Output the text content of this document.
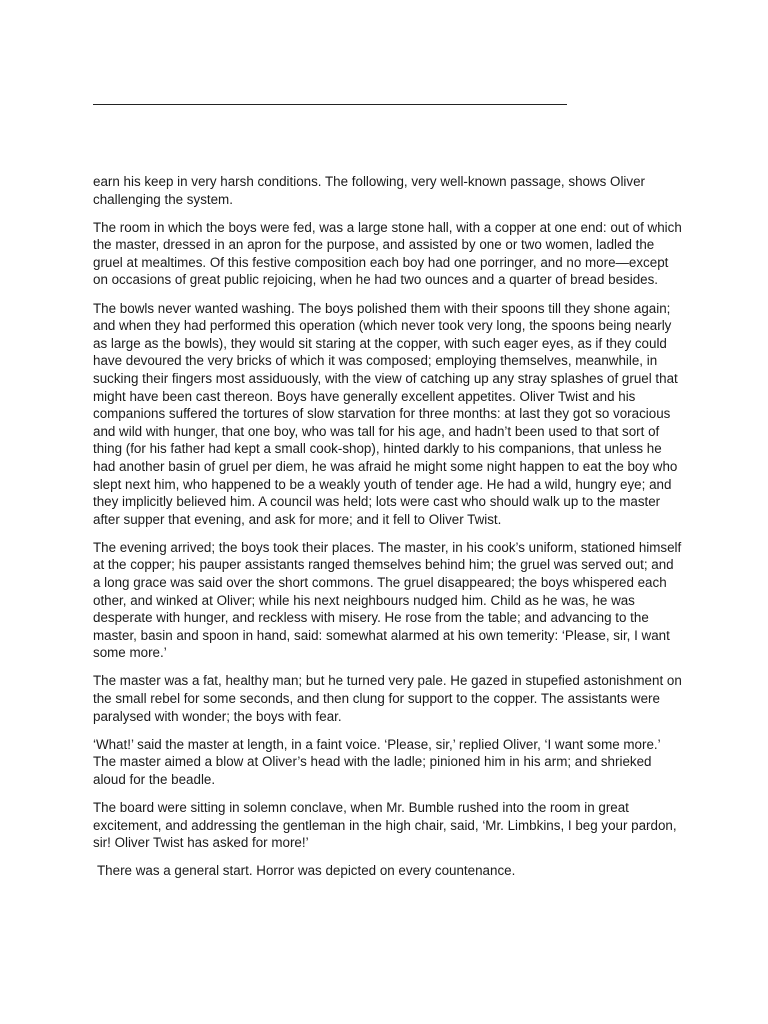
earn his keep in very harsh conditions. The following, very well-known passage, shows Oliver challenging the system.

The room in which the boys were fed, was a large stone hall, with a copper at one end: out of which the master, dressed in an apron for the purpose, and assisted by one or two women, ladled the gruel at mealtimes. Of this festive composition each boy had one porringer, and no more—except on occasions of great public rejoicing, when he had two ounces and a quarter of bread besides.

The bowls never wanted washing. The boys polished them with their spoons till they shone again; and when they had performed this operation (which never took very long, the spoons being nearly as large as the bowls), they would sit staring at the copper, with such eager eyes, as if they could have devoured the very bricks of which it was composed; employing themselves, meanwhile, in sucking their fingers most assiduously, with the view of catching up any stray splashes of gruel that might have been cast thereon. Boys have generally excellent appetites. Oliver Twist and his companions suffered the tortures of slow starvation for three months: at last they got so voracious and wild with hunger, that one boy, who was tall for his age, and hadn’t been used to that sort of thing (for his father had kept a small cook-shop), hinted darkly to his companions, that unless he had another basin of gruel per diem, he was afraid he might some night happen to eat the boy who slept next him, who happened to be a weakly youth of tender age. He had a wild, hungry eye; and they implicitly believed him. A council was held; lots were cast who should walk up to the master after supper that evening, and ask for more; and it fell to Oliver Twist.

The evening arrived; the boys took their places. The master, in his cook’s uniform, stationed himself at the copper; his pauper assistants ranged themselves behind him; the gruel was served out; and a long grace was said over the short commons. The gruel disappeared; the boys whispered each other, and winked at Oliver; while his next neighbours nudged him. Child as he was, he was desperate with hunger, and reckless with misery. He rose from the table; and advancing to the master, basin and spoon in hand, said: somewhat alarmed at his own temerity: ‘Please, sir, I want some more.’

The master was a fat, healthy man; but he turned very pale. He gazed in stupefied astonishment on the small rebel for some seconds, and then clung for support to the copper. The assistants were paralysed with wonder; the boys with fear.

‘What!’ said the master at length, in a faint voice. ‘Please, sir,’ replied Oliver, ‘I want some more.’ The master aimed a blow at Oliver’s head with the ladle; pinioned him in his arm; and shrieked aloud for the beadle.

The board were sitting in solemn conclave, when Mr. Bumble rushed into the room in great excitement, and addressing the gentleman in the high chair, said, ‘Mr. Limbkins, I beg your pardon, sir! Oliver Twist has asked for more!’

There was a general start. Horror was depicted on every countenance.
